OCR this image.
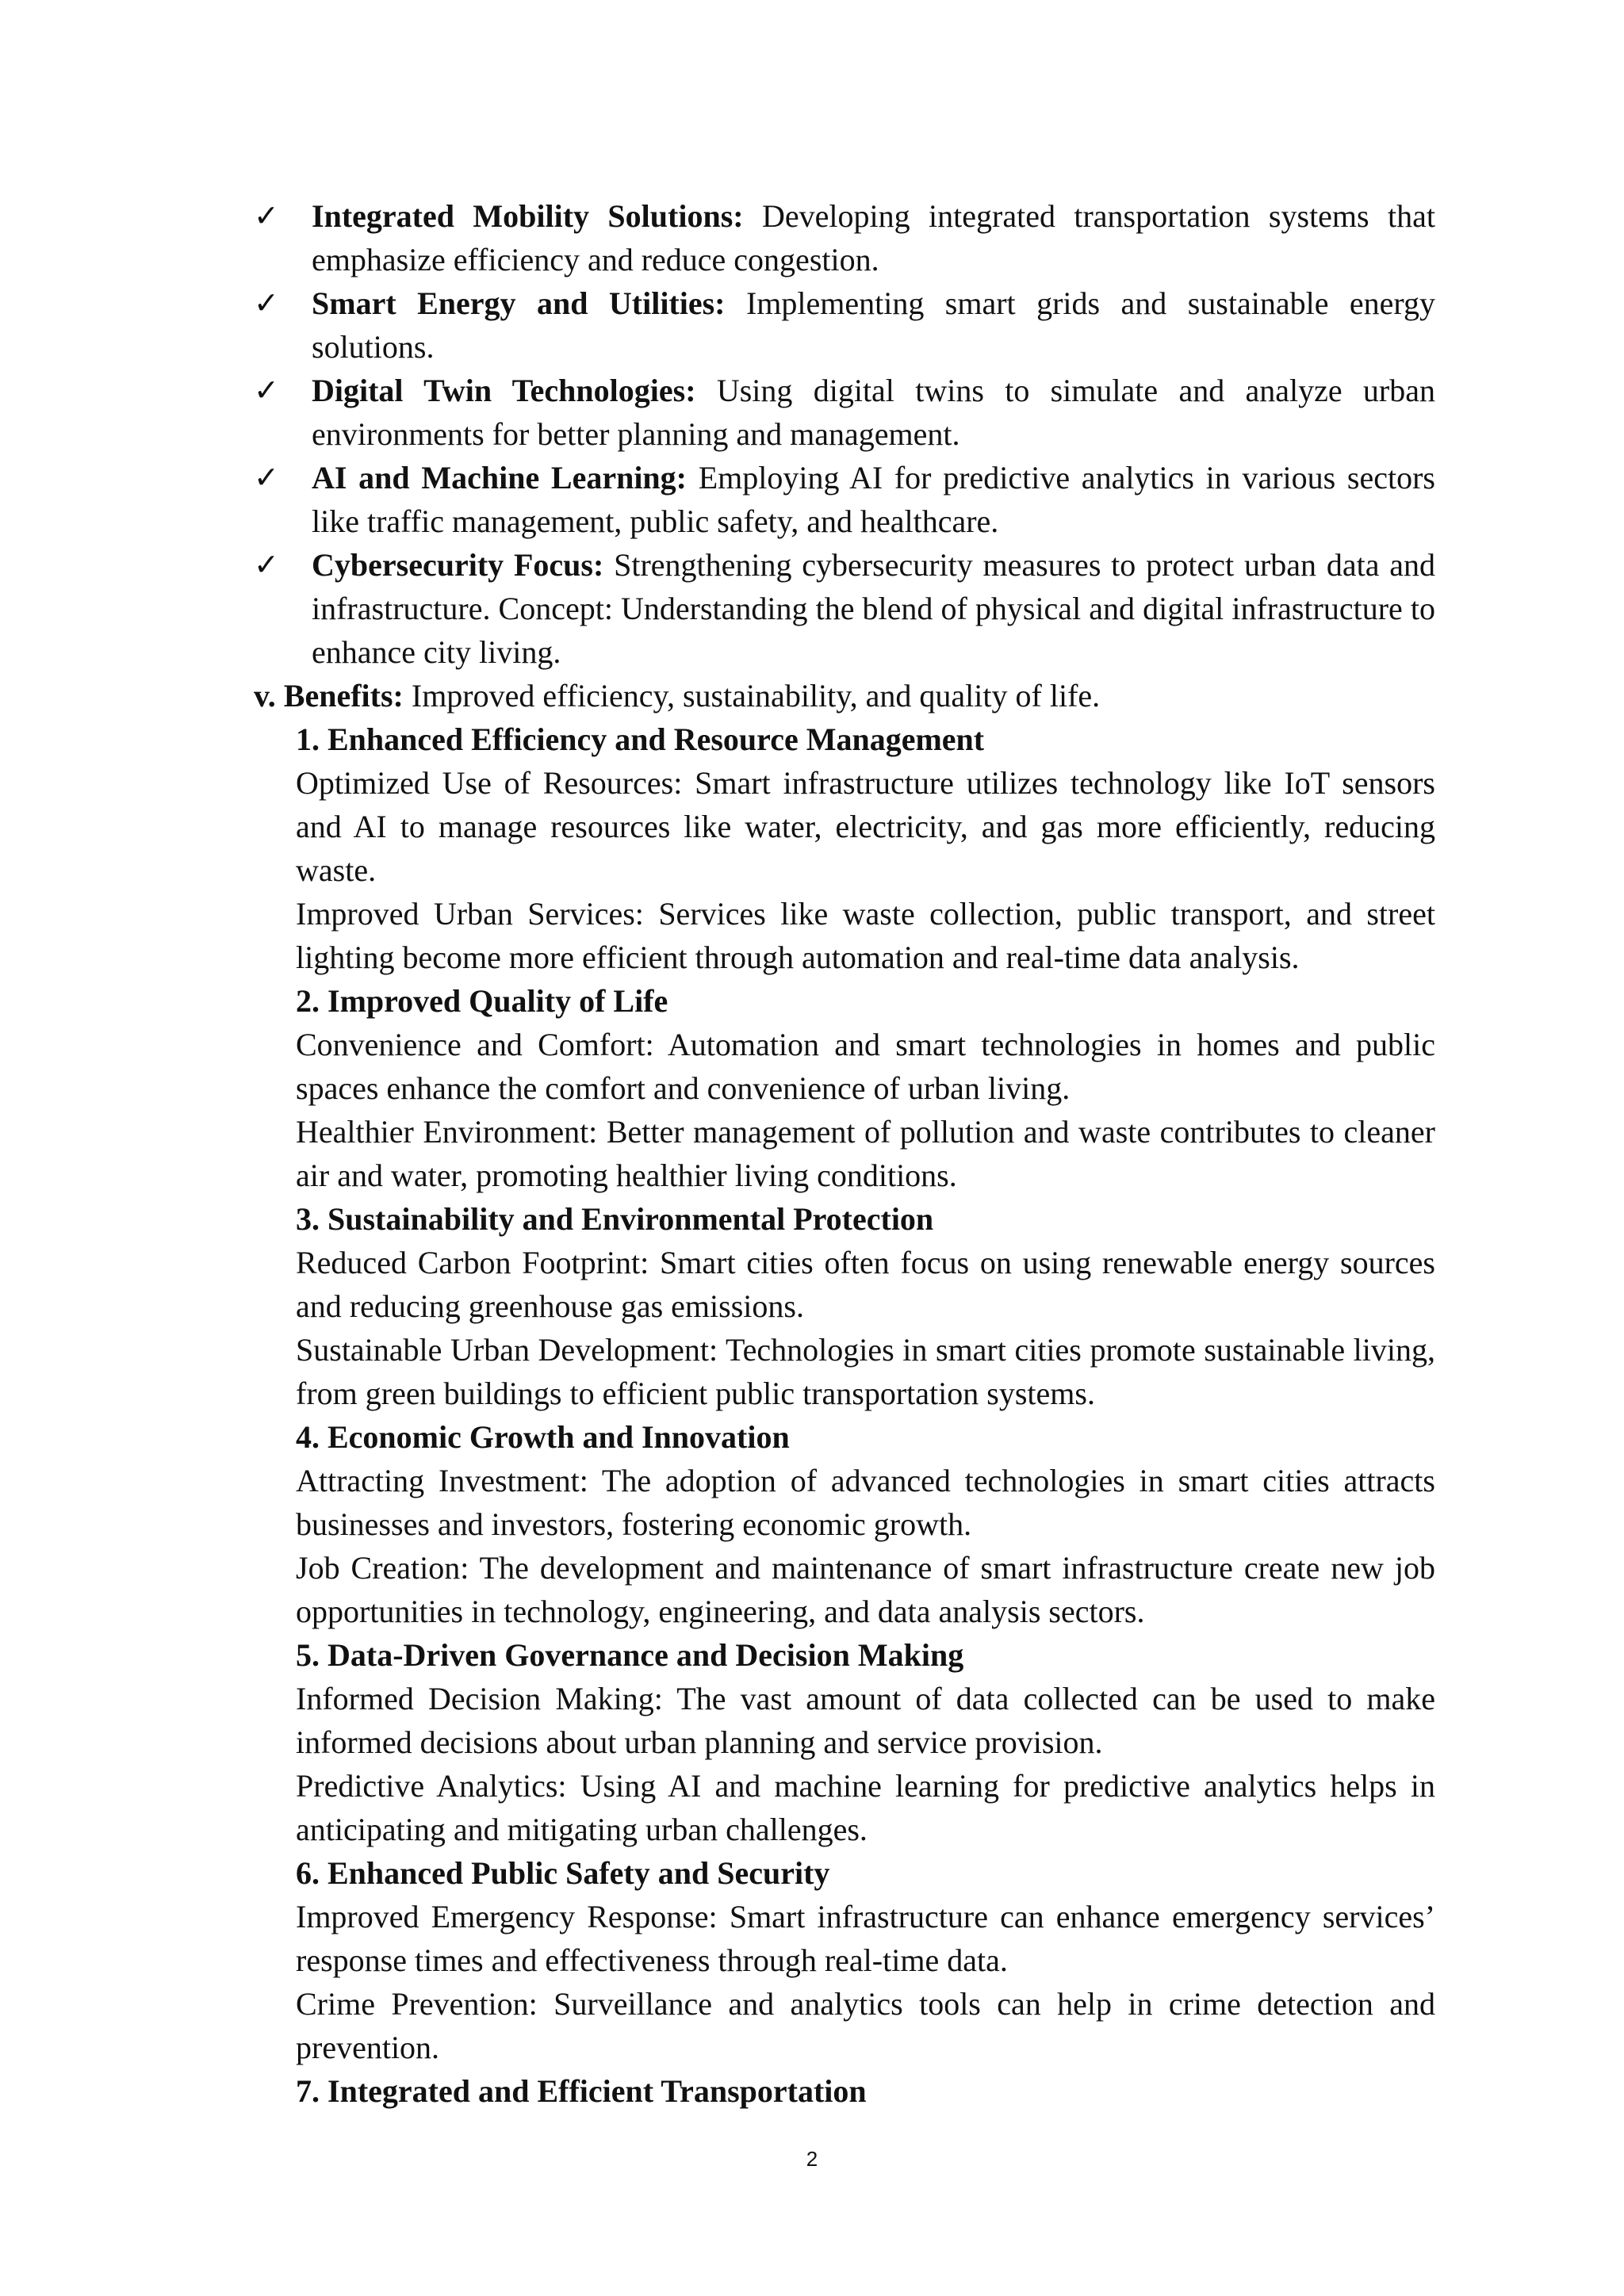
✓ Integrated Mobility Solutions: Developing integrated transportation systems that emphasize efficiency and reduce congestion.
✓ Smart Energy and Utilities: Implementing smart grids and sustainable energy solutions.
✓ Digital Twin Technologies: Using digital twins to simulate and analyze urban environments for better planning and management.
✓ AI and Machine Learning: Employing AI for predictive analytics in various sectors like traffic management, public safety, and healthcare.
✓ Cybersecurity Focus: Strengthening cybersecurity measures to protect urban data and infrastructure. Concept: Understanding the blend of physical and digital infrastructure to enhance city living.
v. Benefits: Improved efficiency, sustainability, and quality of life.
1. Enhanced Efficiency and Resource Management
Optimized Use of Resources: Smart infrastructure utilizes technology like IoT sensors and AI to manage resources like water, electricity, and gas more efficiently, reducing waste.
Improved Urban Services: Services like waste collection, public transport, and street lighting become more efficient through automation and real-time data analysis.
2. Improved Quality of Life
Convenience and Comfort: Automation and smart technologies in homes and public spaces enhance the comfort and convenience of urban living.
Healthier Environment: Better management of pollution and waste contributes to cleaner air and water, promoting healthier living conditions.
3. Sustainability and Environmental Protection
Reduced Carbon Footprint: Smart cities often focus on using renewable energy sources and reducing greenhouse gas emissions.
Sustainable Urban Development: Technologies in smart cities promote sustainable living, from green buildings to efficient public transportation systems.
4. Economic Growth and Innovation
Attracting Investment: The adoption of advanced technologies in smart cities attracts businesses and investors, fostering economic growth.
Job Creation: The development and maintenance of smart infrastructure create new job opportunities in technology, engineering, and data analysis sectors.
5. Data-Driven Governance and Decision Making
Informed Decision Making: The vast amount of data collected can be used to make informed decisions about urban planning and service provision.
Predictive Analytics: Using AI and machine learning for predictive analytics helps in anticipating and mitigating urban challenges.
6. Enhanced Public Safety and Security
Improved Emergency Response: Smart infrastructure can enhance emergency services’ response times and effectiveness through real-time data.
Crime Prevention: Surveillance and analytics tools can help in crime detection and prevention.
7. Integrated and Efficient Transportation
2
